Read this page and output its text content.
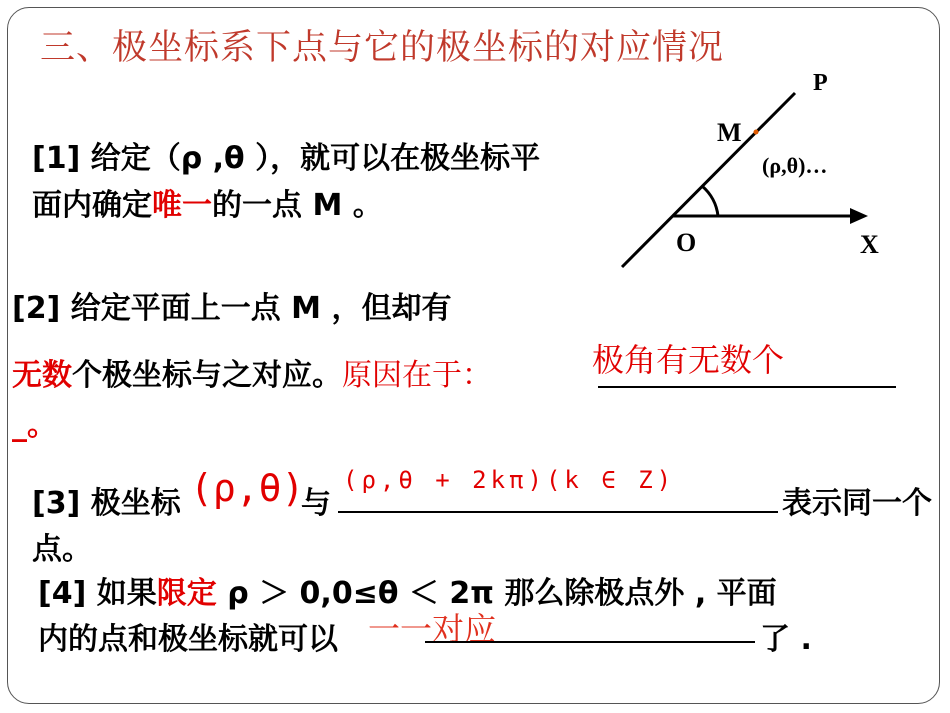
三、极坐标系下点与它的极坐标的对应情况
P
M
(ρ,θ)…
O	X
[1] 给定（ρ ,θ ），就可以在极坐标平
面内确定唯一的一点 M 。
[2] 给定平面上一点 M ，但却有
无数个极坐标与之对应。原因在于：	极角有无数个
_。
[3] 极坐标 (ρ,θ)
与
(ρ,θ + 2kπ)(k ∈ Z)
表示同一个
点。
[4] 如果限定 ρ ＞ 0,0≤θ ＜ 2π 那么除极点外 , 平面
内的点和极坐标就可以 一一对应	了 .
